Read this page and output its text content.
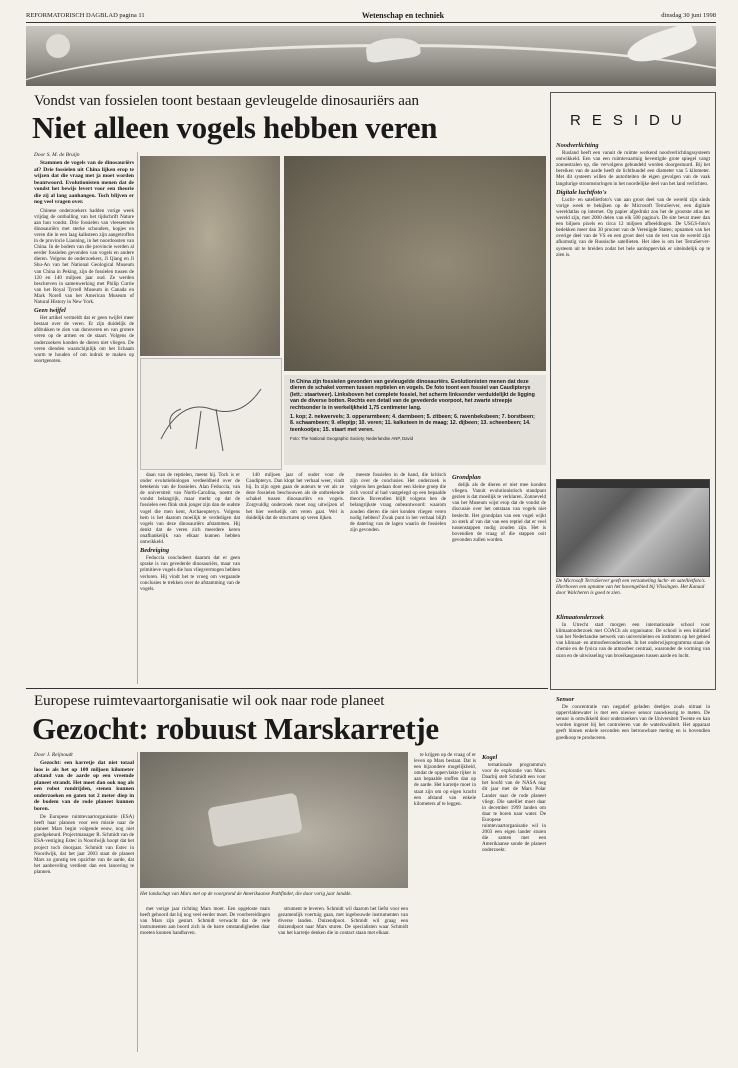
REFORMATORISCH DAGBLAD pagina 11	Wetenschap en techniek	dinsdag 30 juni 1998
Vondst van fossielen toont bestaan gevleugelde dinosauriërs aan
Niet alleen vogels hebben veren

Door S. M. de Bruijn

Stammen de vogels van de dinosauriërs af? Drie fossielen uit China lijken erop te wijzen dat die vraag met ja moet worden beantwoord. Evolutionisten menen dat de vondst het bewijs levert voor een theorie die zij al lang aanhangen. Toch blijven er nog veel vragen over.

Chinese onderzoekers hadden vorige week vrijdag de onthulling van het tijdschrift Nature aan hun vondst. Drie fossielen van vleesetende dinosauriërs met sterke schouders, kopjes en veren die in een laag kalksteen zijn aangetroffen in de provincie Liaoning, in het noordoosten van China. In de bodem van die provincie werden al eerder fossielen gevonden van vogels en andere dieren. Volgens de onderzoekers, Ji Qiang en Ji Shu-An van het National Geological Museum van China in Peking, zijn de fossielen tussen de 120 en 140 miljoen jaar oud. Ze werden beschreven in samenwerking met Philip Currie van het Royal Tyrrell Museum in Canada en Mark Norell van het American Museum of Natural History in New York.

Geen twijfel

Het artikel vermeldt dat er geen twijfel meer bestaat over de veren. Er zijn duidelijk de afdrukken te zien van donsveren en van grotere veren op de armen en de staart. Volgens de onderzoekers konden de dieren niet vliegen. De veren dienden waarschijnlijk om het lichaam warm te houden of om indruk te maken op soortgenoten.

In China zijn fossielen gevonden van gevleugelde dinosauriërs. Evolutionisten menen dat deze dieren de schakel vormen tussen reptielen en vogels. De foto toont een fossiel van Caudipteryx (lett.: staartveer). Linksboven het complete fossiel, het scherm linksonder verduidelijkt de ligging van de diverse botten. Rechts een detail van de gevederde voorpoot, het zwarte streepje rechtsonder is in werkelijkheid 1,75 centimeter lang.
1. kop; 2. nekwervels; 3. opperarmbeen; 4. darmbeen; 5. zitbeen; 6. ravenbeksbeen; 7. borstbeen; 8. schaambeen; 9. ellepijp; 10. veren; 11. kalksteen in de maag; 12. dijbeen; 13. scheenbeen; 14. teenkootjes; 15. staart met veren.
Foto: The National Geographic Society, Nederlandse ANP, David

daan van de reptielen, meent hij. Toch is er onder evolutiebiologen verdeeldheid over de betekenis van de fossielen. Alan Feduccia, van de universiteit van North-Carolina, noemt de vondst belangrijk, maar merkt op dat de fossielen een flink stuk jonger zijn dan de oudste vogel die men kent, Archaeopteryx. Volgens hem is het daarom moeilijk te verdedigen dat vogels van deze dinosauriërs afstammen. Hij denkt dat de veren zich meerdere keren onafhankelijk van elkaar kunnen hebben ontwikkeld.

Bedreiging

Feduccia concludeert daarom dat er geen sprake is van gevederde dinosauriërs, maar van primitieve vogels die hun vliegvermogen hebben verloren. Hij vindt het te vroeg om vergaande conclusies te trekken over de afstamming van de vogels.

140 miljoen jaar of ouder voor de Caudipteryx. Dan klopt het verhaal weer, vindt hij. In zijn ogen gaan de auteurs te ver als ze deze fossielen beschouwen als de ontbrekende schakel tussen dinosauriërs en vogels. Zorgvuldig onderzoek moet nog uitwijzen of het hier werkelijk om veren gaat. Wel is duidelijk dat de structuren op veren lijken.

meeste fossielen in de hand, die kritisch zijn over de conclusies. Het onderzoek is volgens hen gedaan door een kleine groep die zich vooraf al had vastgelegd op een bepaalde theorie. Bovendien blijft volgens hen de belangrijkste vraag onbeantwoord: waarom zouden dieren die niet konden vliegen veren nodig hebben? Zwak punt in het verhaal blijft de datering van de lagen waarin de fossielen zijn gevonden.

Grondplan

delijk als de dieren er niet mee konden vliegen. Vanuit evolutionistisch standpunt gezien is dat moeilijk te verklaren. Zonneveld van het Museum wijst erop dat de vondst de discussie over het ontstaan van vogels niet beslecht. Het grondplan van een vogel wijkt zo sterk af van dat van een reptiel dat er veel tussenstappen nodig zouden zijn. Het is bovendien de vraag of die stappen ooit gevonden zullen worden.

RESIDU
Noodverlichting

Rusland heeft een vanuit de ruimte werkend noodverlichtingssysteem ontwikkeld. Een van een ruimtevaartuig bevestigde grote spiegel vangt zonnestralen op, die vervolgens gebundeld worden doorgestuurd. Bij het bereiken van de aarde heeft de lichtbundel een diameter van 5 kilometer. Met dit systeem willen de autoriteiten de eigen gevolgen van de vaak langdurige stroomstoringen in het noordelijke deel van het land verlichten.

Digitale luchtfoto's

Lucht- en satellietfoto's van aan groot deel van de wereld zijn sinds vorige week te bekijken op de Microsoft TerraServer, een digitale wereldatlas op internet. Op papier afgedrukt zou het de grootste atlas ter wereld zijn, met 2000 delen van elk 500 pagina's. De site bevat meer dan een biljoen pixels en circa 12 miljoen afbeeldingen. De USGS-foto's bedekken meer dan 30 procent van de Verenigde Staten; opnamen van het overige deel van de VS en een groot deel van de rest van de wereld zijn afkomstig van de Russische satellieten. Het idee is om het TerraServer-systeem uit te breiden zodat het hele aardoppervlak er uiteindelijk op te zien is.

De Microsoft TerraServer geeft een verzameling lucht- en satellietfoto's. Hierboven een opname van het havengebied bij Vlissingen. Het Kanaal door Walcheren is goed te zien.
Klimaatonderzoek

In Utrecht start morgen een internationale school voor klimaatonderzoek met COACh als organisator. De school is een initiatief van het Nederlandse netwerk van universiteiten en instituten op het gebied van klimaat- en atmosfeeronderzoek. In het onderwijsprogramma staan de chemie en de fysica van de atmosfeer centraal, waaronder de vorming van ozon en de uitwisseling van broeikasgassen tussen aarde en lucht.

Sensor

De concentratie van negatief geladen deeltjes zoals nitraat in oppervlaktewater is met een nieuwe sensor nauwkeurig te meten. De sensor is ontwikkeld door onderzoekers van de Universiteit Twente en kan worden ingezet bij het controleren van de waterkwaliteit. Het apparaat geeft binnen enkele seconden een betrouwbare meting en is bovendien goedkoop te produceren.

Europese ruimtevaartorganisatie wil ook naar rode planeet
Gezocht: robuust Marskarretje

Door J. Reijnoudt

Gezocht: een karretje dat niet totaal loos is als het op 100 miljoen kilometer afstand van de aarde op een vreemde planeet strandt. Het moet dan ook nog als een robot rondrijden, stenen kunnen onderzoeken en gaten tot 2 meter diep in de bodem van de rode planeet kunnen boren.

De Europese ruimtevaartorganisatie (ESA) heeft haar plannen voor een missie naar de planeet Mars begin volgende eeuw, nog niet goedgekeurd. Projectmanager R. Schmidt van de ESA-vestiging Estec in Noordwijk hoopt dat het project toch doorgaat. Schmidt van Estec in Noordwijk, dat het jaar 2003 staat de planeet Mars zo gunstig ten opzichte van de aarde, dat het aanbeveling verdient dan een lancering te plannen.

Het landschap van Mars met op de voorgrond de Amerikaanse Pathfinder, die daar vorig jaar landde.

met vorige jaar richting Mars moet. Een opgeloste mars heeft gehoord dat hij nog veel eerder moet. De voorbereidingen van Mars zijn gestart. Schmidt verwacht dat de vele instrumenten aan boord zich in de barre omstandigheden daar moeten kunnen handhaven.

strument te leveren. Schmidt wil daarom het liefst voor een gezamenlijk voertuig gaan, met ingebouwde instrumenten van diverse landen. Duizendpoot. Schmidt wil graag een duizendpoot naar Mars sturen. De specialisten waar Schmidt van het karretje denken die in contact staan met elkaar.

te krijgen op de vraag of er leven op Mars bestaat. Dat is een bijzondere mogelijkheid, omdat de oppervlakte rijker is aan bepaalde stoffen dan op de aarde. Het karretje moet in staat zijn om op eigen kracht een afstand van enkele kilometers af te leggen.

Kogel

ternationale programma's voor de exploratie van Mars. Daarbij stelt Schmidt een voor het hoofd van de NASA nog dit jaar met de Mars Polar Lander naar de rode planeet vliegt. Die satelliet moet daar in december 1999 landen om daar te boren naar water. De Europese ruimtevaartorganisatie wil in 2003 een eigen lander sturen die samen met een Amerikaanse sonde de planeet onderzoekt.
